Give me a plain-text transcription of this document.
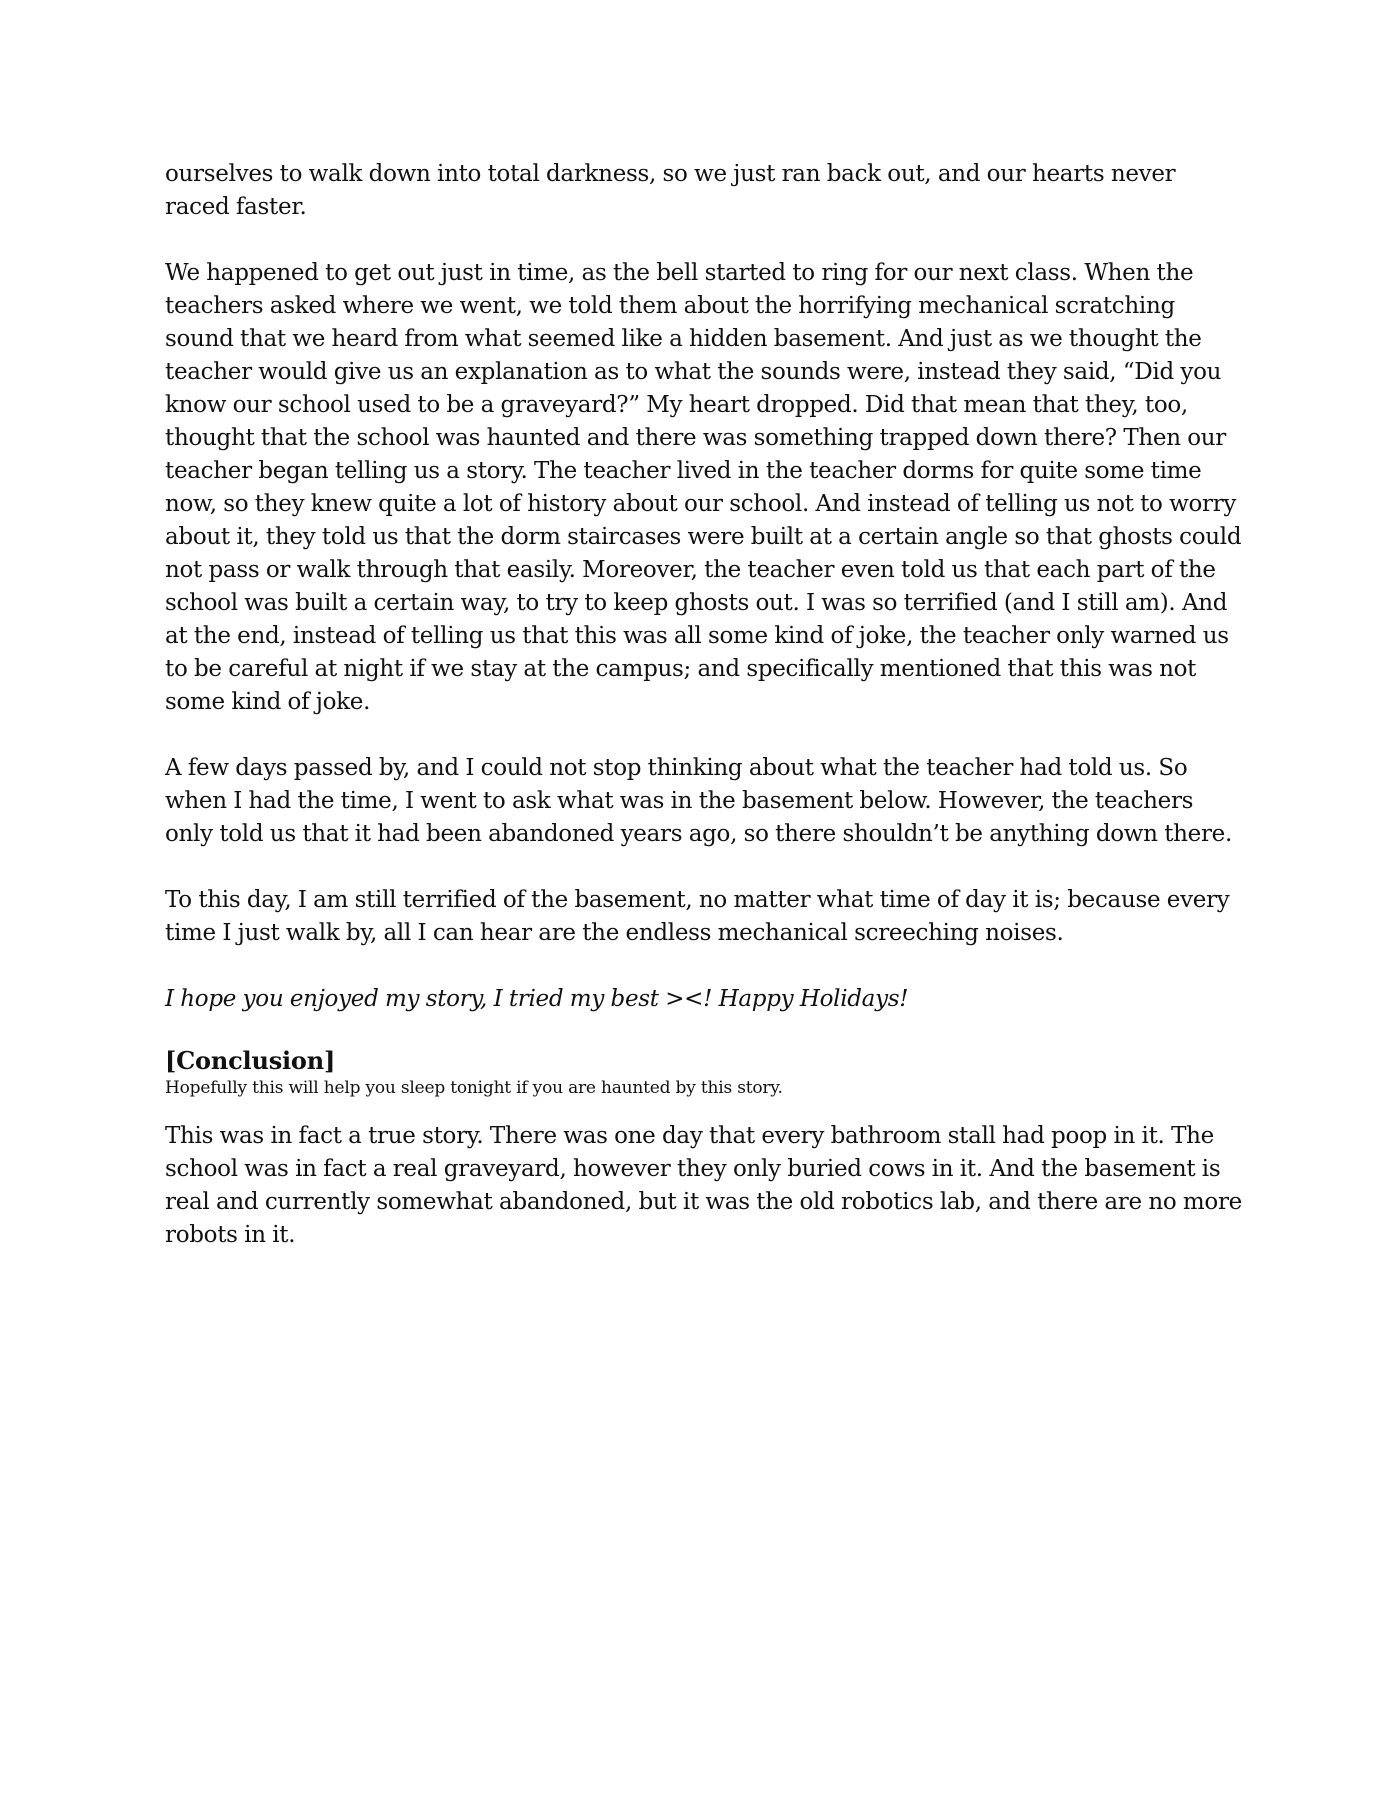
ourselves to walk down into total darkness, so we just ran back out, and our hearts never raced faster.

We happened to get out just in time, as the bell started to ring for our next class. When the teachers asked where we went, we told them about the horrifying mechanical scratching sound that we heard from what seemed like a hidden basement. And just as we thought the teacher would give us an explanation as to what the sounds were, instead they said, “Did you know our school used to be a graveyard?” My heart dropped. Did that mean that they, too, thought that the school was haunted and there was something trapped down there? Then our teacher began telling us a story. The teacher lived in the teacher dorms for quite some time now, so they knew quite a lot of history about our school. And instead of telling us not to worry about it, they told us that the dorm staircases were built at a certain angle so that ghosts could not pass or walk through that easily. Moreover, the teacher even told us that each part of the school was built a certain way, to try to keep ghosts out. I was so terrified (and I still am). And at the end, instead of telling us that this was all some kind of joke, the teacher only warned us to be careful at night if we stay at the campus; and specifically mentioned that this was not some kind of joke.

A few days passed by, and I could not stop thinking about what the teacher had told us. So when I had the time, I went to ask what was in the basement below. However, the teachers only told us that it had been abandoned years ago, so there shouldn’t be anything down there.

To this day, I am still terrified of the basement, no matter what time of day it is; because every time I just walk by, all I can hear are the endless mechanical screeching noises.

I hope you enjoyed my story, I tried my best ><! Happy Holidays!

[Conclusion]

Hopefully this will help you sleep tonight if you are haunted by this story.

This was in fact a true story. There was one day that every bathroom stall had poop in it. The school was in fact a real graveyard, however they only buried cows in it. And the basement is real and currently somewhat abandoned, but it was the old robotics lab, and there are no more robots in it.
